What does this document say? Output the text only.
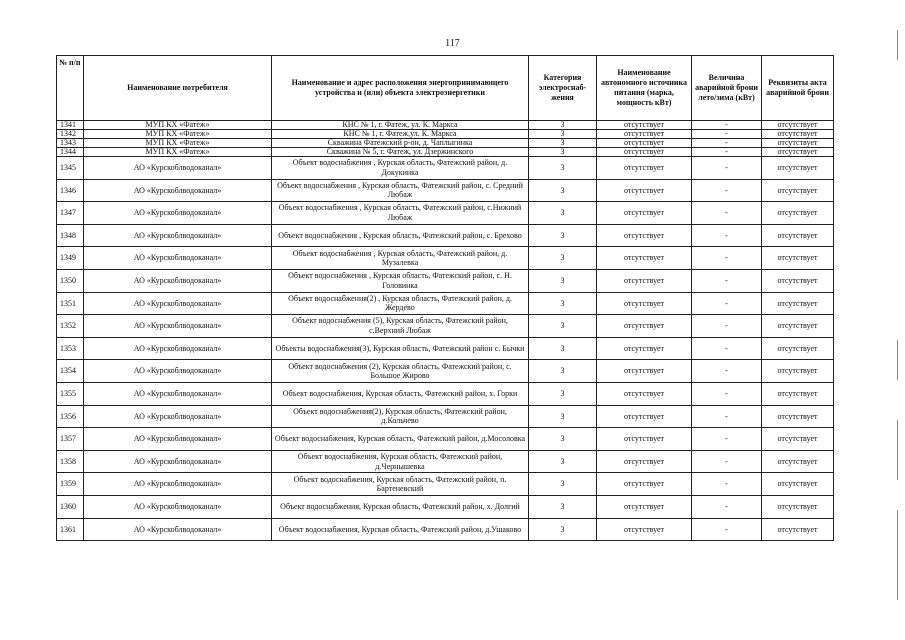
117
№ п/п	Наименование потребителя	Наименование и адрес расположения энергопринимающего устройства и (или) объекта электроэнергетики	Категория электроснаб-жения	Наименование автономного источника питания (марка, мощность кВт)	Величина аварийной брони лето/зима (кВт)	Реквизиты акта аварийной брони
1341	МУП КХ «Фатеж»	КНС № 1, г. Фатеж, ул. К. Маркса	3	отсутствует	-	отсутствует
1342	МУП КХ «Фатеж»	КНС № 1, г. Фатеж,ул. К. Маркса	3	отсутствует	-	отсутствует
1343	МУП КХ «Фатеж»	Скважина Фатежский р-он, д. Чаплыгинка	3	отсутствует	-	отсутствует
1344	МУП КХ «Фатеж»	Скважина № 5, г. Фатеж, ул. Дзержинского	3	отсутствует	-	отсутствует
1345	АО «Курскоблводоканал»	Объект водоснабжения , Курская область, Фатежский район, д. Докукинка	3	отсутствует	-	отсутствует
1346	АО «Курскоблводоканал»	Объект водоснабжения , Курская область, Фатежский район, с. Средний Любаж	3	отсутствует	-	отсутствует
1347	АО «Курскоблводоканал»	Объект водоснабжения , Курская область, Фатежский район, с.Нижний Любаж	3	отсутствует	-	отсутствует
1348	АО «Курскоблводоканал»	Объект водоснабжения , Курская область, Фатежский район, с. Брехово	3	отсутствует	-	отсутствует
1349	АО «Курскоблводоканал»	Объект водоснабжения , Курская область, Фатежский район, д. Музалевка	3	отсутствует	-	отсутствует
1350	АО «Курскоблводоканал»	Объект водоснабжения , Курская область, Фатежский район, с. Н. Головинка	3	отсутствует	-	отсутствует
1351	АО «Курскоблводоканал»	Объект водоснабжения(2) , Курская область, Фатежский район, д. Жердево	3	отсутствует	-	отсутствует
1352	АО «Курскоблводоканал»	Объект водоснабжения (5), Курская область, Фатежский район, с.Верхний Любаж	3	отсутствует	-	отсутствует
1353	АО «Курскоблводоканал»	Объекты водоснабжения(3), Курская область, Фатежский район с. Бычки	3	отсутствует	-	отсутствует
1354	АО «Курскоблводоканал»	Объект водоснабжения (2), Курская область, Фатежский район, с. Большое Жирово	3	отсутствует	-	отсутствует
1355	АО «Курскоблводоканал»	Объект водоснабжения, Курская область, Фатежский район, х. Горки	3	отсутствует	-	отсутствует
1356	АО «Курскоблводоканал»	Объект водоснабжения(2), Курская область, Фатежский район, д.Кольчево	3	отсутствует	-	отсутствует
1357	АО «Курскоблводоканал»	Объект водоснабжения, Курская область, Фатежский район, д.Мосоловка	3	отсутствует	-	отсутствует
1358	АО «Курскоблводоканал»	Объект водоснабжения, Курская область, Фатежский район, д.Чернышевка	3	отсутствует	-	отсутствует
1359	АО «Курскоблводоканал»	Объект водоснабжения, Курская область, Фатежский район, п. Бартеневский	3	отсутствует	-	отсутствует
1360	АО «Курскоблводоканал»	Объект водоснабжения, Курская область, Фатежский район, х. Долгий	3	отсутствует	-	отсутствует
1361	АО «Курскоблводоканал»	Объект водоснабжения, Курская область, Фатежский район, д.Ушаково	3	отсутствует	-	отсутствует
